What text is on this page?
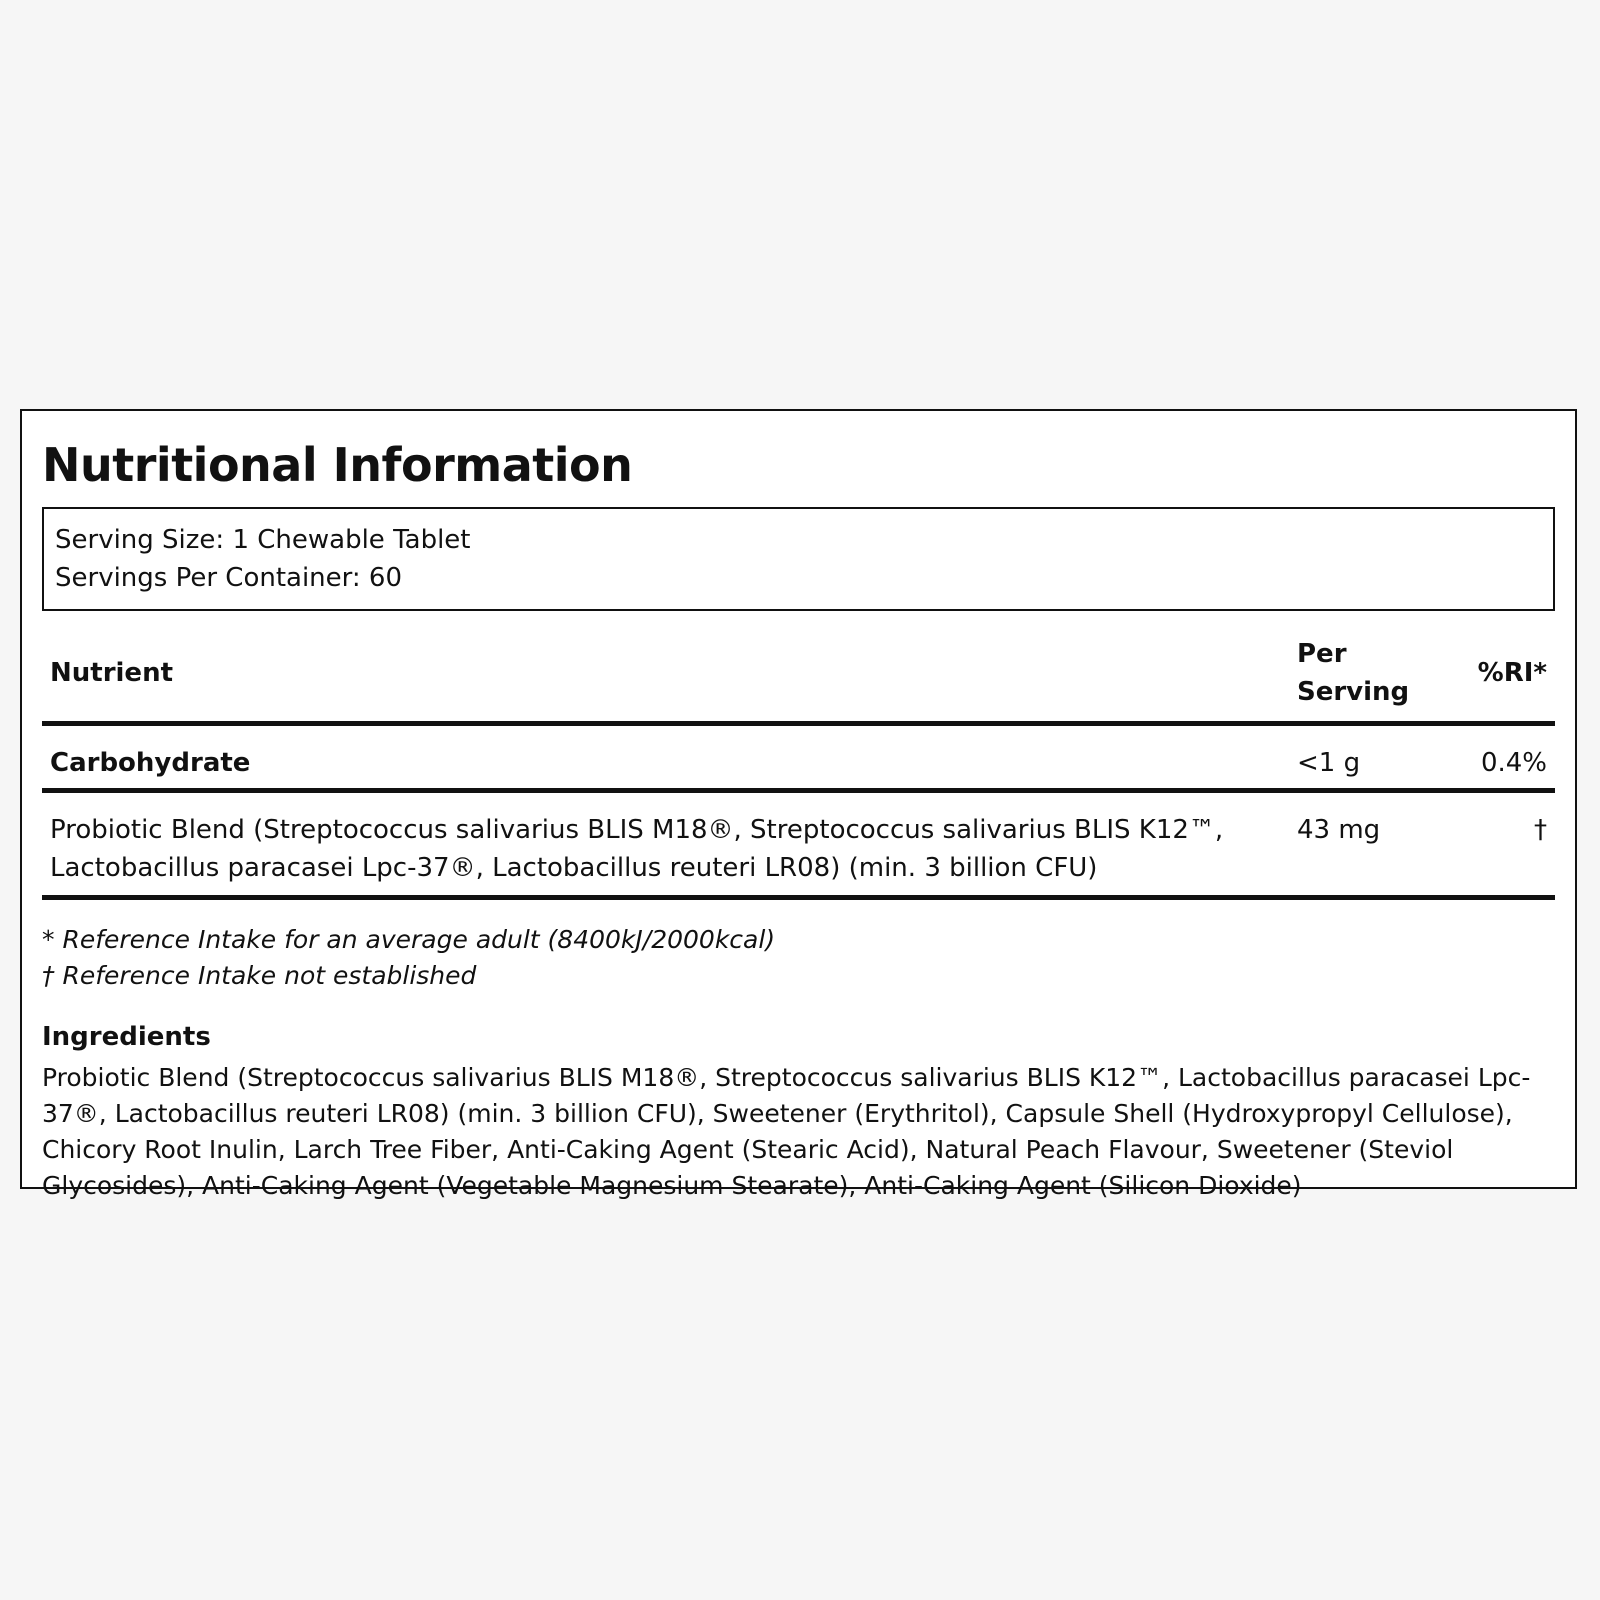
Nutritional Information
Serving Size: 1 Chewable Tablet
Servings Per Container: 60
Nutrient	Per Serving	%RI*
Carbohydrate	<1 g	0.4%
Probiotic Blend (Streptococcus salivarius BLIS M18®, Streptococcus salivarius BLIS K12™, Lactobacillus paracasei Lpc-37®, Lactobacillus reuteri LR08) (min. 3 billion CFU)	43 mg	†
* Reference Intake for an average adult (8400kJ/2000kcal)
† Reference Intake not established
Ingredients
Probiotic Blend (Streptococcus salivarius BLIS M18®, Streptococcus salivarius BLIS K12™, Lactobacillus paracasei Lpc-37®, Lactobacillus reuteri LR08) (min. 3 billion CFU), Sweetener (Erythritol), Capsule Shell (Hydroxypropyl Cellulose), Chicory Root Inulin, Larch Tree Fiber, Anti-Caking Agent (Stearic Acid), Natural Peach Flavour, Sweetener (Steviol Glycosides), Anti-Caking Agent (Vegetable Magnesium Stearate), Anti-Caking Agent (Silicon Dioxide)
